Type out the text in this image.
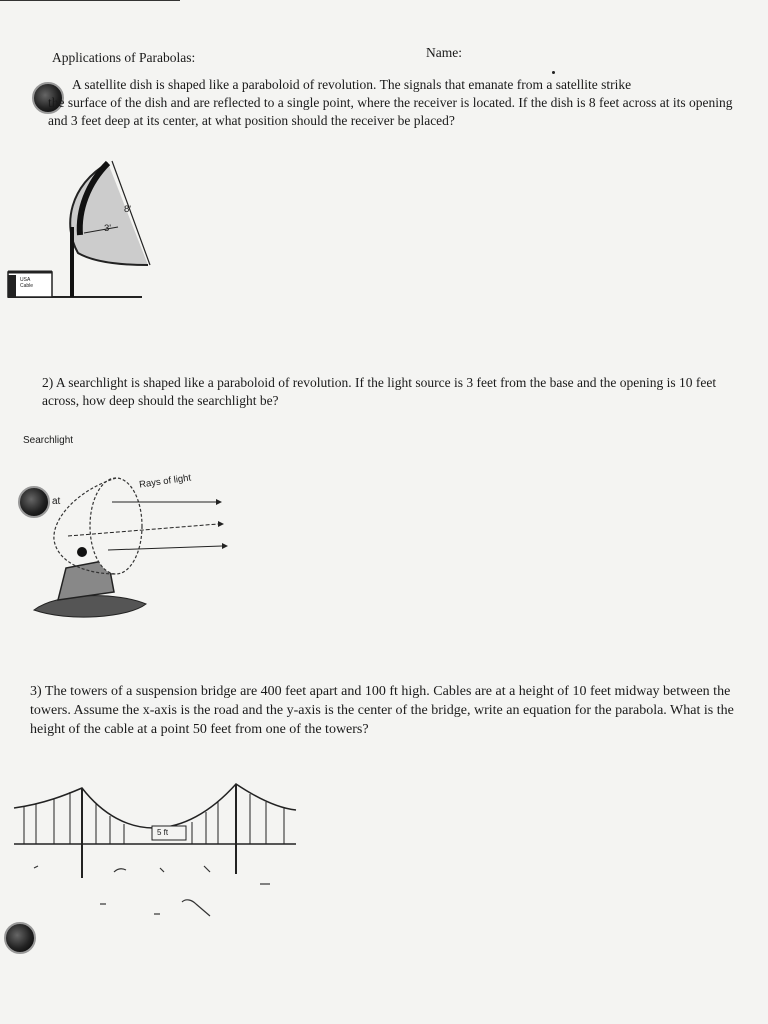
Applications of Parabolas:	Name:
A satellite dish is shaped like a paraboloid of revolution. The signals that emanate from a satellite strike
the surface of the dish and are reflected to a single point, where the receiver is located. If the dish is 8 feet across at its opening and 3 feet deep at its center, at what position should the receiver be placed?
8'
3'
USA Cable
2) A searchlight is shaped like a paraboloid of revolution. If the light source is 3 feet from the base and the opening is 10 feet across, how deep should the searchlight be?
Searchlight
at
Rays of light
3) The towers of a suspension bridge are 400 feet apart and 100 ft high. Cables are at a height of 10 feet midway between the towers. Assume the x-axis is the road and the y-axis is the center of the bridge, write an equation for the parabola. What is the height of the cable at a point 50 feet from one of the towers?
5 ft
